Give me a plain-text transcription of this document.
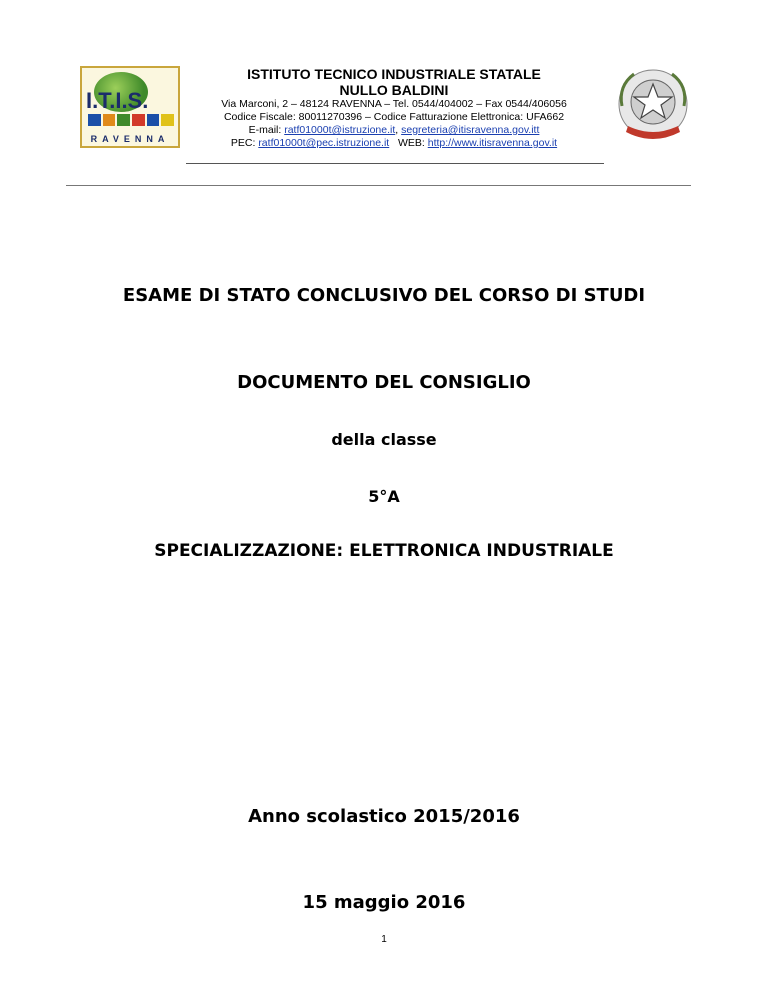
I.T.I.S.
RAVENNA
ISTITUTO TECNICO INDUSTRIALE STATALE
NULLO BALDINI
Via Marconi, 2 – 48124 RAVENNA – Tel. 0544/404002 – Fax 0544/406056
Codice Fiscale: 80011270396 – Codice Fatturazione Elettronica: UFA662
E-mail: ratf01000t@istruzione.it, segreteria@itisravenna.gov.itt
PEC: ratf01000t@pec.istruzione.it   WEB: http://www.itisravenna.gov.it
ESAME DI STATO CONCLUSIVO DEL CORSO DI STUDI
DOCUMENTO DEL CONSIGLIO
della classe
5°A
SPECIALIZZAZIONE: ELETTRONICA INDUSTRIALE
Anno scolastico 2015/2016
15 maggio 2016
1
